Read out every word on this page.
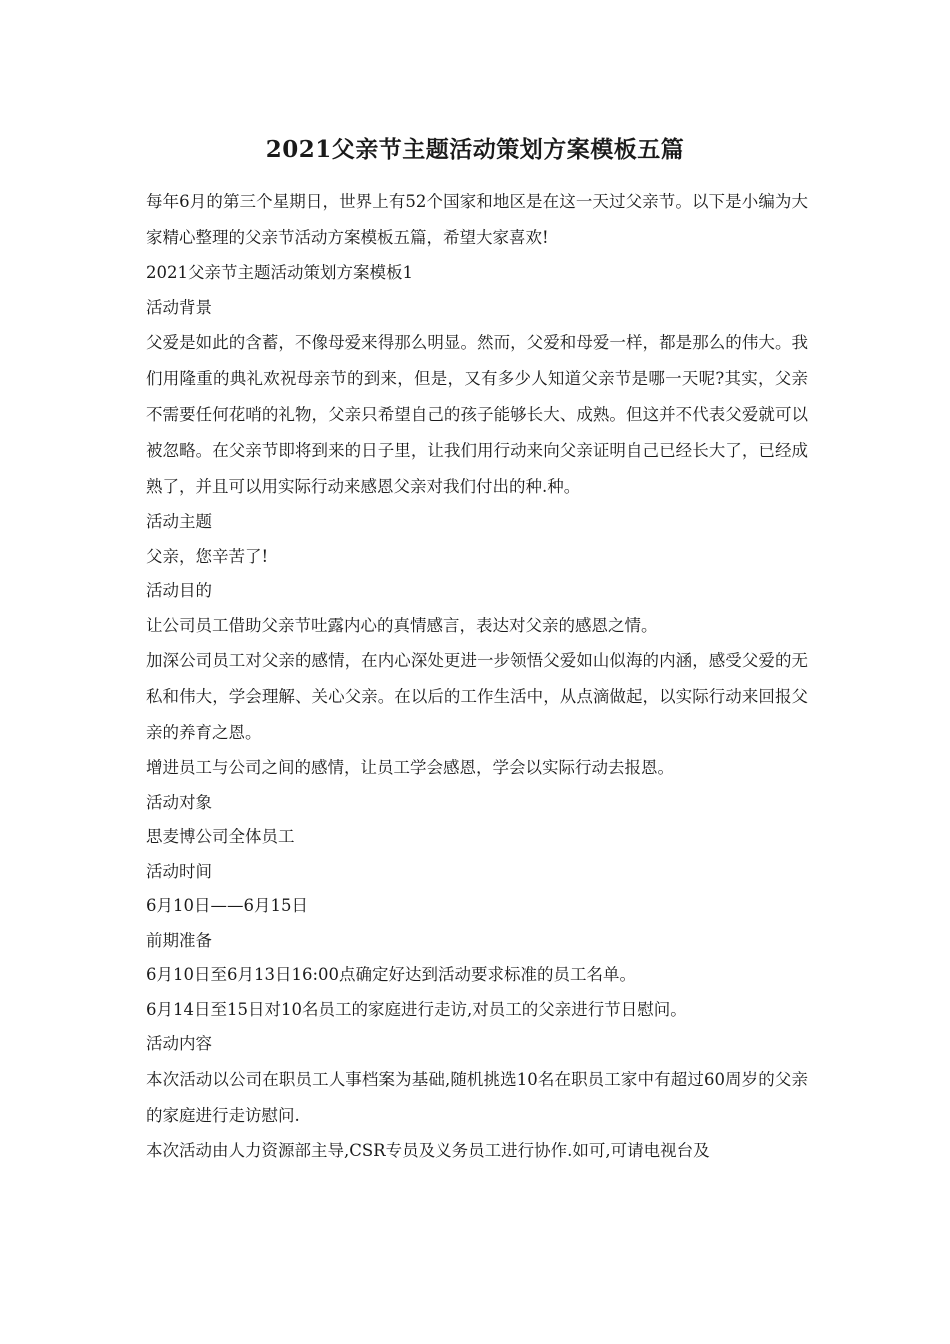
2021父亲节主题活动策划方案模板五篇

每年6月的第三个星期日，世界上有52个国家和地区是在这一天过父亲节。以下是小编为大家精心整理的父亲节活动方案模板五篇，希望大家喜欢!

2021父亲节主题活动策划方案模板1

活动背景

父爱是如此的含蓄，不像母爱来得那么明显。然而，父爱和母爱一样，都是那么的伟大。我们用隆重的典礼欢祝母亲节的到来，但是，又有多少人知道父亲节是哪一天呢?其实，父亲不需要任何花哨的礼物，父亲只希望自己的孩子能够长大、成熟。但这并不代表父爱就可以被忽略。在父亲节即将到来的日子里，让我们用行动来向父亲证明自己已经长大了，已经成熟了，并且可以用实际行动来感恩父亲对我们付出的种.种。

活动主题

父亲，您辛苦了!

活动目的

让公司员工借助父亲节吐露内心的真情感言，表达对父亲的感恩之情。

加深公司员工对父亲的感情，在内心深处更进一步领悟父爱如山似海的内涵，感受父爱的无私和伟大，学会理解、关心父亲。在以后的工作生活中，从点滴做起，以实际行动来回报父亲的养育之恩。

增进员工与公司之间的感情，让员工学会感恩，学会以实际行动去报恩。

活动对象

思麦博公司全体员工

活动时间

6月10日——6月15日

前期准备

6月10日至6月13日16:00点确定好达到活动要求标准的员工名单。

6月14日至15日对10名员工的家庭进行走访,对员工的父亲进行节日慰问。

活动内容

本次活动以公司在职员工人事档案为基础,随机挑选10名在职员工家中有超过60周岁的父亲的家庭进行走访慰问.

本次活动由人力资源部主导,CSR专员及义务员工进行协作.如可,可请电视台及
